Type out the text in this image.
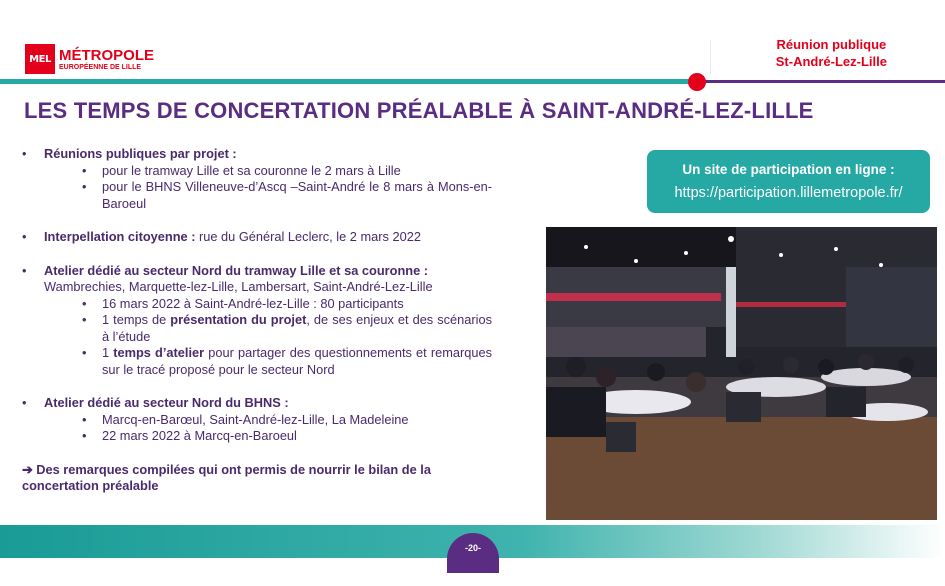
MEL MÉTROPOLE
EUROPÉENNE DE LILLE
Réunion publique
St-André-Lez-Lille
LES TEMPS DE CONCERTATION PRÉALABLE À SAINT-ANDRÉ-LEZ-LILLE
• Réunions publiques par projet :
• pour le tramway Lille et sa couronne le 2 mars à Lille
• pour le BHNS Villeneuve-d’Ascq –Saint-André le 8 mars à Mons-en-Baroeul
• Interpellation citoyenne : rue du Général Leclerc, le 2 mars 2022
• Atelier dédié au secteur Nord du tramway Lille et sa couronne :
Wambrechies, Marquette-lez-Lille, Lambersart, Saint-André-Lez-Lille
• 16 mars 2022 à Saint-André-lez-Lille : 80 participants
• 1 temps de présentation du projet, de ses enjeux et des scénarios à l’étude
• 1 temps d’atelier pour partager des questionnements et remarques sur le tracé proposé pour le secteur Nord
• Atelier dédié au secteur Nord du BHNS :
• Marcq-en-Barœul, Saint-André-lez-Lille, La Madeleine
• 22 mars 2022 à Marcq-en-Baroeul
➔ Des remarques compilées qui ont permis de nourrir le bilan de la concertation préalable
Un site de participation en ligne :
https://participation.lillemetropole.fr/
-20-
